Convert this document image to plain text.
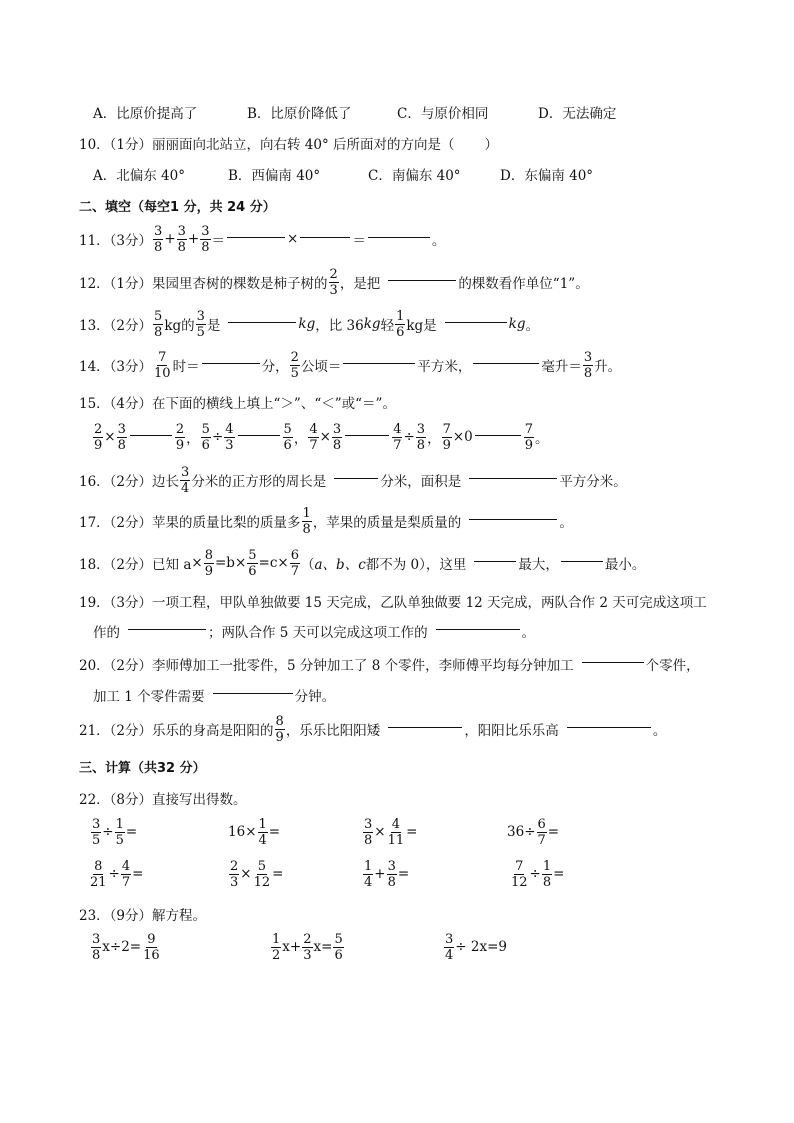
A．比原价提高了	B．比原价降低了	C．与原价相同	D．无法确定
10．（1分）丽丽面向北站立，向右转 40° 后所面对的方向是（ ）
A．北偏东 40°	B．西偏南 40°	C．南偏东 40°	D．东偏南 40°
二、填空（每空1 分，共 24 分）
11．（3分） $\frac{3}{8} + \frac{3}{8} + \frac{3}{8}$ ＝	×	＝	。
12．（1分） 果园里杏树的棵数是柿子树的 $\frac{2}{3}$ ，是把	的棵数看作单位“1”。
13．（2分） $\frac{5}{8}$ kg的 $\frac{3}{5}$ 是	kg ，比 36 kg 轻 $\frac{1}{6}$ kg是	kg 。
14．（3分） $\frac{7}{10}$ 时＝	分， $\frac{2}{5}$ 公顷＝	平方米，	毫升＝ $\frac{3}{8}$ 升。
15．（4分） 在下面的横线上填上“＞”、“＜”或“＝”。
$\frac{2}{9} \times \frac{3}{8}$	$\frac{2}{9}$ ， $\frac{5}{6} \div \frac{4}{3}$	$\frac{5}{6}$ ， $\frac{4}{7} \times \frac{3}{8}$	$\frac{4}{7} \div \frac{3}{8}$ ， $\frac{7}{9} \times 0$	$\frac{7}{9}$ 。
16．（2分） 边长 $\frac{3}{4}$ 分米的正方形的周长是	分米，面积是	平方分米。
17．（2分） 苹果的质量比梨的质量多 $\frac{1}{8}$ ，苹果的质量是梨质量的	。
18．（2分） 已知 $a \times \frac{8}{9} =b \times \frac{5}{6} =c \times \frac{6}{7}$ （ a、b、c 都不为 0），这里	最大，	最小。
19．（3分）一项工程，甲队单独做要 15 天完成，乙队单独做要 12 天完成，两队合作 2 天可完成这项工
作的	；两队合作 5 天可以完成这项工作的	。
20．（2分）李师傅加工一批零件，5 分钟加工了 8 个零件，李师傅平均每分钟加工	个零件，
加工 1 个零件需要	分钟。
21．（2分） 乐乐的身高是阳阳的 $\frac{8}{9}$ ，乐乐比阳阳矮	，阳阳比乐乐高	。
三、计算（共32 分）
22．（8分）直接写出得数。
$\frac{3}{5} \div \frac{1}{5}$ =	$16 \times \frac{1}{4}$ =	$\frac{3}{8} \times \frac{4}{11}$ =	$36 \div \frac{6}{7}$ =
$\frac{8}{21} \div \frac{4}{7}$ =	$\frac{2}{3} \times \frac{5}{12}$ =	$\frac{1}{4} + \frac{3}{8}$ =	$\frac{7}{12} \div \frac{1}{8}$ =
23．（9分）解方程。
$\frac{3}{8} x\div 2= \frac{9}{16}$	$\frac{1}{2} x+ \frac{2}{3} x= \frac{5}{6}$	$\frac{3}{4} \div 2x=9$
